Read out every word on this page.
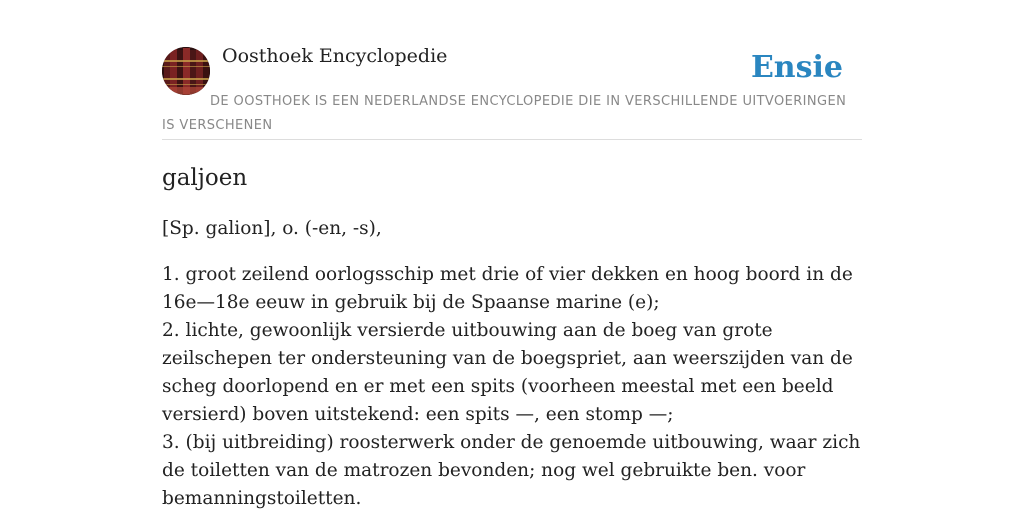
Oosthoek Encyclopedie	Ensie

DE OOSTHOEK IS EEN NEDERLANDSE ENCYCLOPEDIE DIE IN VERSCHILLENDE UITVOERINGEN IS VERSCHENEN

galjoen

[Sp. galion], o. (-en, -s),

1. groot zeilend oorlogsschip met drie of vier dekken en hoog boord in de 16e—18e eeuw in gebruik bij de Spaanse marine (e);

2. lichte, gewoonlijk versierde uitbouwing aan de boeg van grote zeilschepen ter ondersteuning van de boegspriet, aan weerszijden van de scheg doorlopend en er met een spits (voorheen meestal met een beeld versierd) boven uitstekend: een spits —, een stomp —;

3. (bij uitbreiding) roosterwerk onder de genoemde uitbouwing, waar zich de toiletten van de matrozen bevonden; nog wel gebruikte ben. voor bemanningstoiletten.
